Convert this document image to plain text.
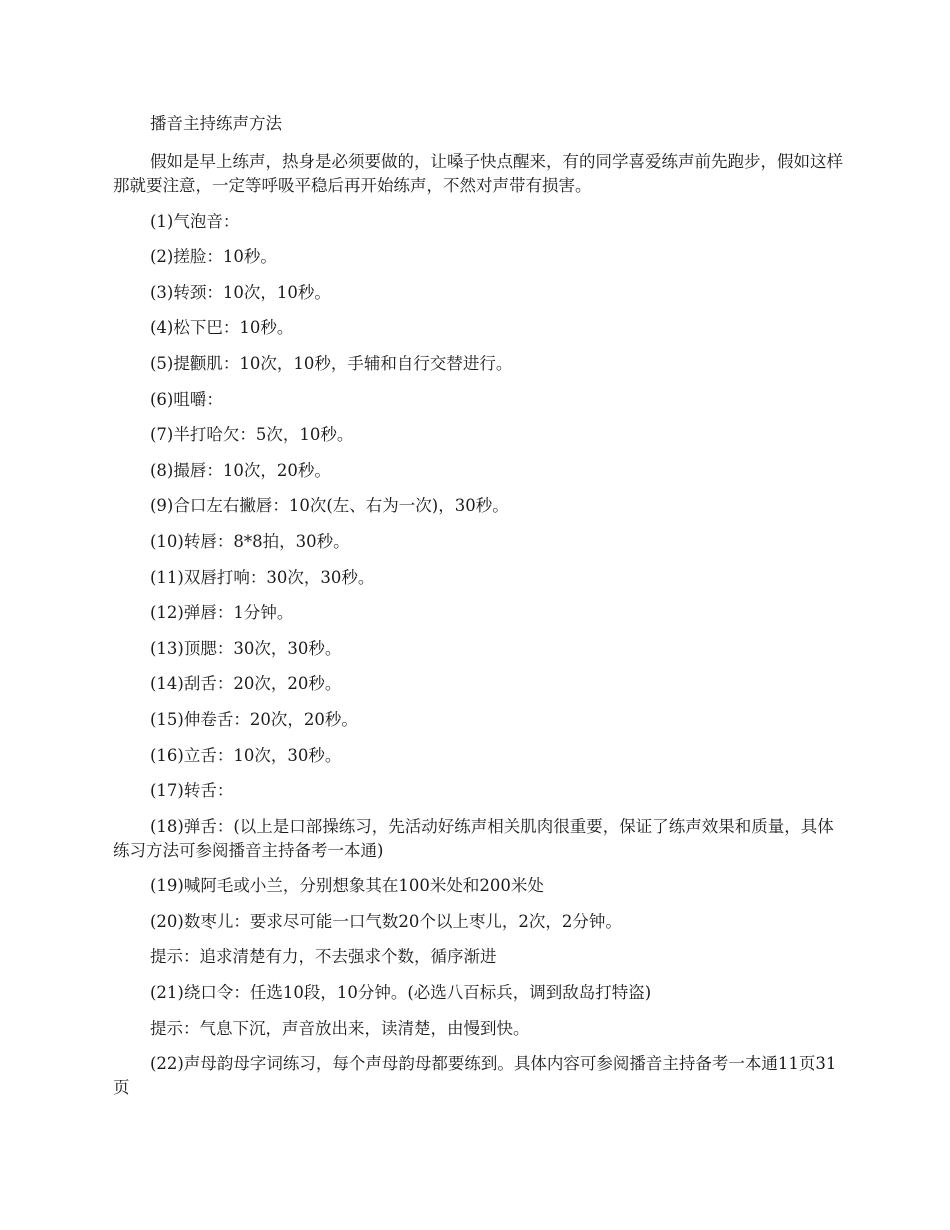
播音主持练声方法

假如是早上练声，热身是必须要做的，让嗓子快点醒来，有的同学喜爱练声前先跑步，假如这样那就要注意，一定等呼吸平稳后再开始练声，不然对声带有损害。

(1)气泡音：

(2)搓脸：10秒。

(3)转颈：10次，10秒。

(4)松下巴：10秒。

(5)提颧肌：10次，10秒，手辅和自行交替进行。

(6)咀嚼：

(7)半打哈欠：5次，10秒。

(8)撮唇：10次，20秒。

(9)合口左右撇唇：10次(左、右为一次)，30秒。

(10)转唇：8*8拍，30秒。

(11)双唇打响：30次，30秒。

(12)弹唇：1分钟。

(13)顶腮：30次，30秒。

(14)刮舌：20次，20秒。

(15)伸卷舌：20次，20秒。

(16)立舌：10次，30秒。

(17)转舌：

(18)弹舌：(以上是口部操练习，先活动好练声相关肌肉很重要，保证了练声效果和质量，具体练习方法可参阅播音主持备考一本通)

(19)喊阿毛或小兰，分别想象其在100米处和200米处

(20)数枣儿：要求尽可能一口气数20个以上枣儿，2次，2分钟。

提示：追求清楚有力，不去强求个数，循序渐进

(21)绕口令：任选10段，10分钟。(必选八百标兵，调到敌岛打特盗)

提示：气息下沉，声音放出来，读清楚，由慢到快。

(22)声母韵母字词练习，每个声母韵母都要练到。具体内容可参阅播音主持备考一本通11页31页
